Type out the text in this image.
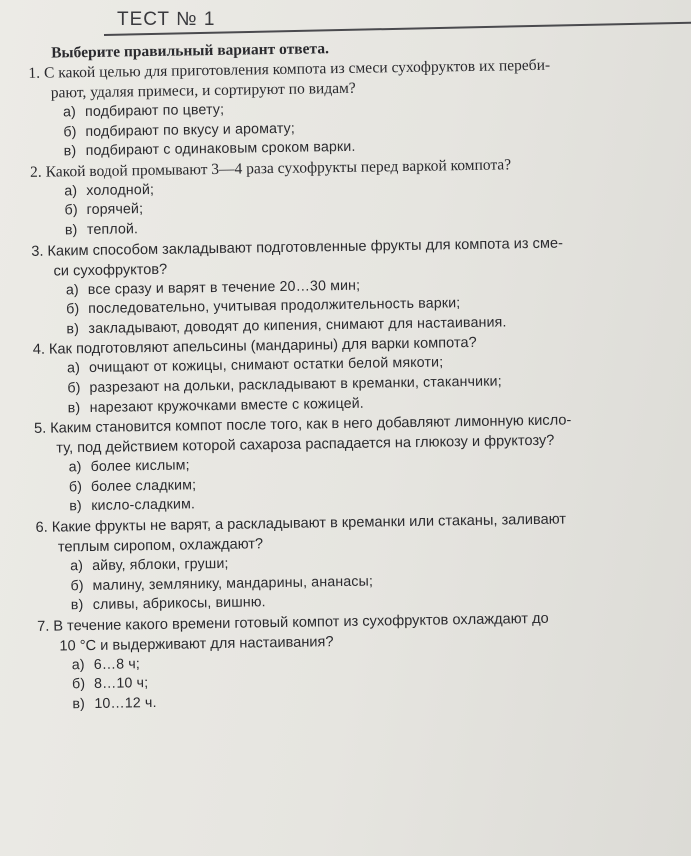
ТЕСТ № 1

Выберите правильный вариант ответа.

1. С какой целью для приготовления компота из смеси сухофруктов их переби-
рают, удаляя примеси, и сортируют по видам?
а) подбирают по цвету;
б) подбирают по вкусу и аромату;
в) подбирают с одинаковым сроком варки.
2. Какой водой промывают 3—4 раза сухофрукты перед варкой компота?
а) холодной;
б) горячей;
в) теплой.
3. Каким способом закладывают подготовленные фрукты для компота из сме-
си сухофруктов?
а) все сразу и варят в течение 20…30 мин;
б) последовательно, учитывая продолжительность варки;
в) закладывают, доводят до кипения, снимают для настаивания.
4. Как подготовляют апельсины (мандарины) для варки компота?
а) очищают от кожицы, снимают остатки белой мякоти;
б) разрезают на дольки, раскладывают в креманки, стаканчики;
в) нарезают кружочками вместе с кожицей.
5. Каким становится компот после того, как в него добавляют лимонную кисло-
ту, под действием которой сахароза распадается на глюкозу и фруктозу?
а) более кислым;
б) более сладким;
в) кисло-сладким.
6. Какие фрукты не варят, а раскладывают в креманки или стаканы, заливают
теплым сиропом, охлаждают?
а) айву, яблоки, груши;
б) малину, землянику, мандарины, ананасы;
в) сливы, абрикосы, вишню.
7. В течение какого времени готовый компот из сухофруктов охлаждают до
10 °С и выдерживают для настаивания?
а) 6…8 ч;
б) 8…10 ч;
в) 10…12 ч.
